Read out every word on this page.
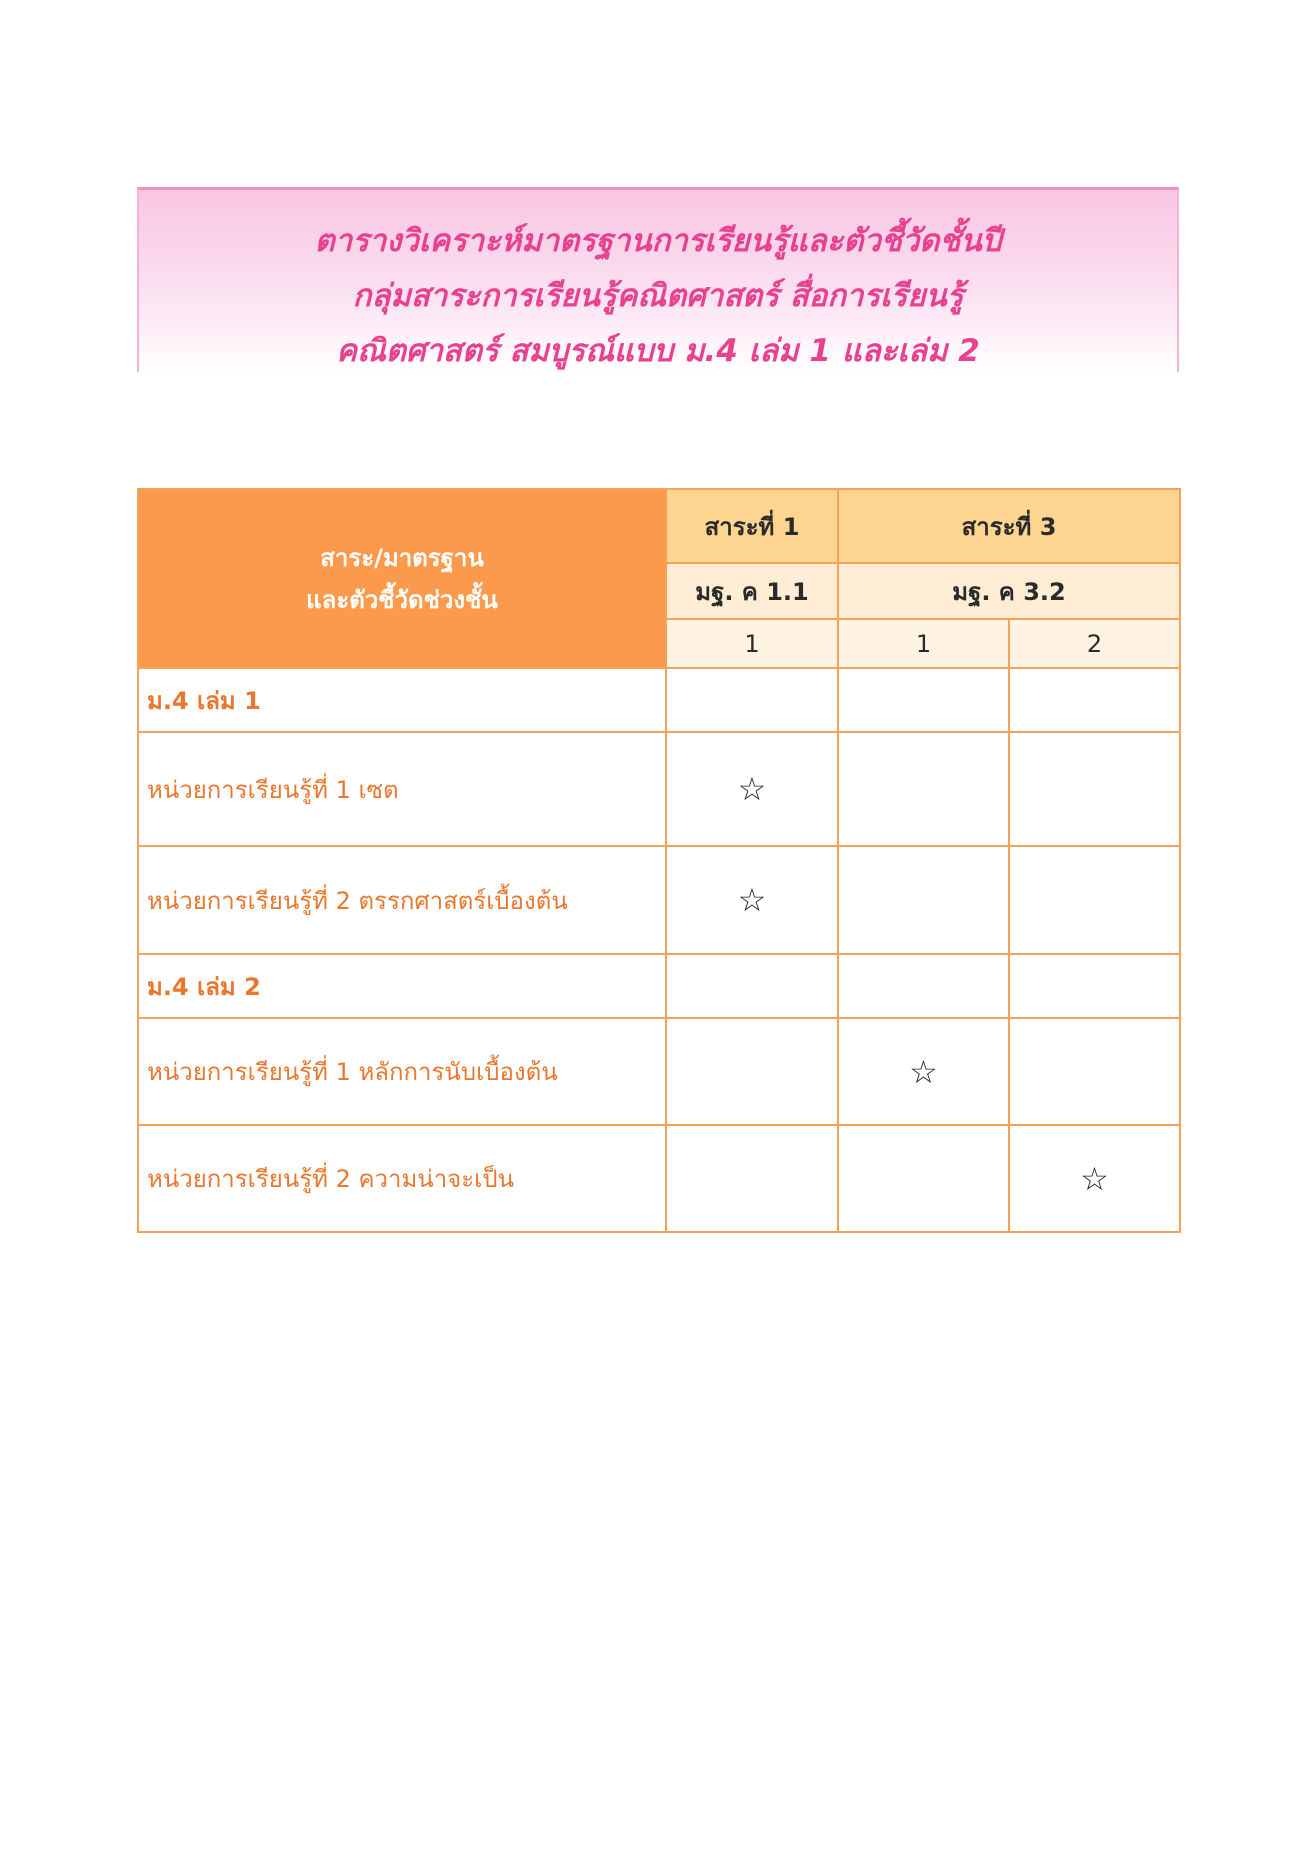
ตารางวิเคราะห์มาตรฐานการเรียนรู้และตัวชี้วัดชั้นปี
กลุ่มสาระการเรียนรู้คณิตศาสตร์ สื่อการเรียนรู้
คณิตศาสตร์ สมบูรณ์แบบ ม.4 เล่ม 1 และเล่ม 2
สาระ/มาตรฐาน
และตัวชี้วัดช่วงชั้น	สาระที่ 1	สาระที่ 3	
	มฐ. ค 1.1	มฐ. ค 3.2	
	1	1	2
ม.4 เล่ม 1			
หน่วยการเรียนรู้ที่ 1 เซต	☆		
หน่วยการเรียนรู้ที่ 2 ตรรกศาสตร์เบื้องต้น	☆		
ม.4 เล่ม 2			
หน่วยการเรียนรู้ที่ 1 หลักการนับเบื้องต้น		☆	
หน่วยการเรียนรู้ที่ 2 ความน่าจะเป็น			☆
